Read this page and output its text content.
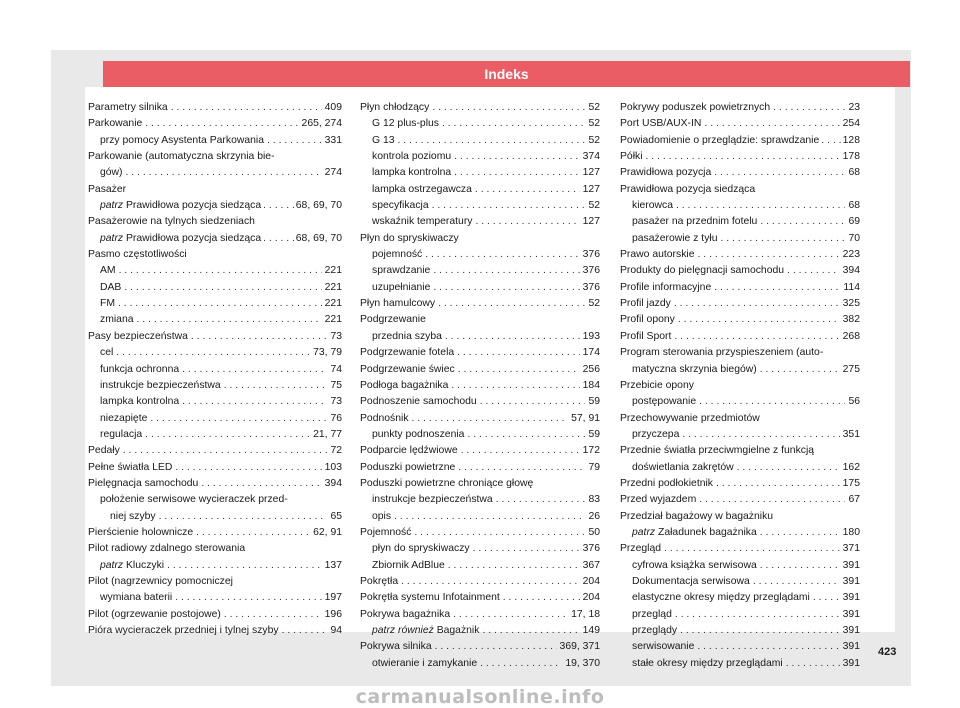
Indeks
Parametry silnika . . .	409
Parkowanie . . .	265, 274
przy pomocy Asystenta Parkowania . . .	331
Parkowanie (automatyczna skrzynia bie-
gów) . . .	274
Pasażer
patrz Prawidłowa pozycja siedząca . . .	68, 69, 70
Pasażerowie na tylnych siedzeniach
patrz Prawidłowa pozycja siedząca . . .	68, 69, 70
Pasmo częstotliwości
AM . . .	221
DAB . . .	221
FM . . .	221
zmiana . . .	221
Pasy bezpieczeństwa . . .	73
cel . . .	73, 79
funkcja ochronna . . .	74
instrukcje bezpieczeństwa . . .	75
lampka kontrolna . . .	73
niezapięte . . .	76
regulacja . . .	21, 77
Pedały . . .	72
Pełne światła LED . . .	103
Pielęgnacja samochodu . . .	394
położenie serwisowe wycieraczek przed-
niej szyby . . .	65
Pierścienie holownicze . . .	62, 91
Pilot radiowy zdalnego sterowania
patrz Kluczyki . . .	137
Pilot (nagrzewnicy pomocniczej
wymiana baterii . . .	197
Pilot (ogrzewanie postojowe) . . .	196
Pióra wycieraczek przedniej i tylnej szyby . . .	94
Płyn chłodzący . . .	52
G 12 plus-plus . . .	52
G 13 . . .	52
kontrola poziomu . . .	374
lampka kontrolna . . .	127
lampka ostrzegawcza . . .	127
specyfikacja . . .	52
wskaźnik temperatury . . .	127
Płyn do spryskiwaczy
pojemność . . .	376
sprawdzanie . . .	376
uzupełnianie . . .	376
Płyn hamulcowy . . .	52
Podgrzewanie
przednia szyba . . .	193
Podgrzewanie fotela . . .	174
Podgrzewanie świec . . .	256
Podłoga bagażnika . . .	184
Podnoszenie samochodu . . .	59
Podnośnik . . .	57, 91
punkty podnoszenia . . .	59
Podparcie lędźwiowe . . .	172
Poduszki powietrzne . . .	79
Poduszki powietrzne chroniące głowę
instrukcje bezpieczeństwa . . .	83
opis . . .	26
Pojemność . . .	50
płyn do spryskiwaczy . . .	376
Zbiornik AdBlue . . .	367
Pokrętła . . .	204
Pokrętła systemu Infotainment . . .	204
Pokrywa bagażnika . . .	17, 18
patrz również Bagażnik . . .	149
Pokrywa silnika . . .	369, 371
otwieranie i zamykanie . . .	19, 370
Pokrywy poduszek powietrznych . . .	23
Port USB/AUX-IN . . .	254
Powiadomienie o przeglądzie: sprawdzanie . . . 128
Półki . . .	178
Prawidłowa pozycja . . .	68
Prawidłowa pozycja siedząca
kierowca . . .	68
pasażer na przednim fotelu . . .	69
pasażerowie z tyłu . . .	70
Prawo autorskie . . .	223
Produkty do pielęgnacji samochodu . . .	394
Profile informacyjne . . .	114
Profil jazdy . . .	325
Profil opony . . .	382
Profil Sport . . .	268
Program sterowania przyspieszeniem (auto-
matyczna skrzynia biegów) . . .	275
Przebicie opony
postępowanie . . .	56
Przechowywanie przedmiotów
przyczepa . . .	351
Przednie światła przeciwmgielne z funkcją
doświetlania zakrętów . . .	162
Przedni podłokietnik . . .	175
Przed wyjazdem . . .	67
Przedział bagażowy w bagażniku
patrz Załadunek bagażnika . . .	180
Przegląd . . .	371
cyfrowa książka serwisowa . . .	391
Dokumentacja serwisowa . . .	391
elastyczne okresy między przeglądami . . .	391
przegląd . . .	391
przeglądy . . .	391
serwisowanie . . .	391
stałe okresy między przeglądami . . .	391
423
carmanualsonline.info
